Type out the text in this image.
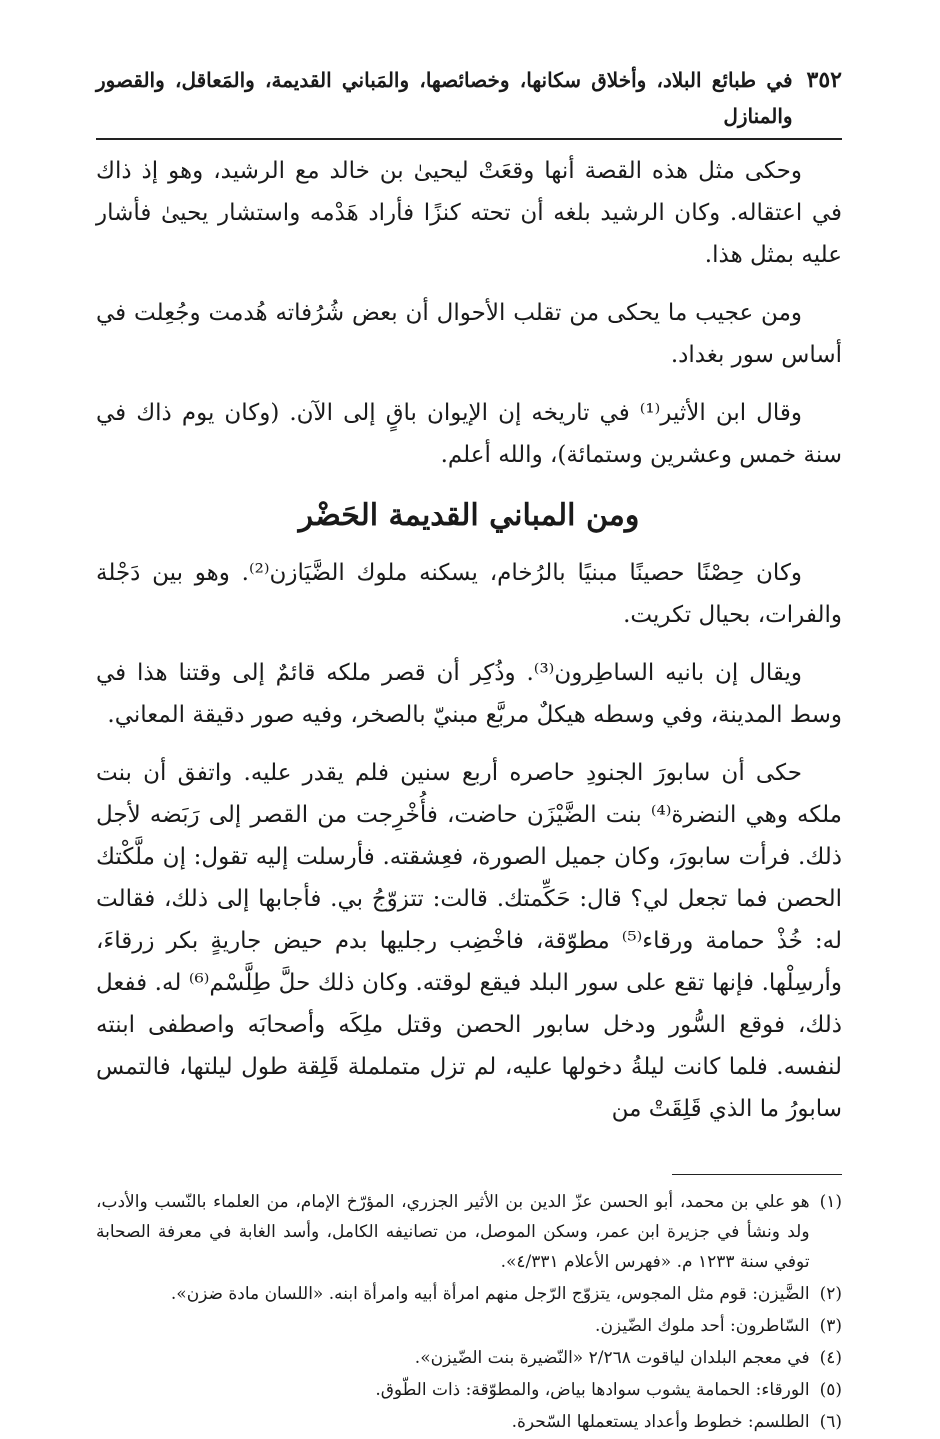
٣٥٢
في طبائع البلاد، وأخلاق سكانها، وخصائصها، والمَباني القديمة، والمَعاقل، والقصور والمنازل

وحكى مثل هذه القصة أنها وقعَتْ ليحيىٰ بن خالد مع الرشيد، وهو إذ ذاك في اعتقاله. وكان الرشيد بلغه أن تحته كنزًا فأراد هَدْمه واستشار يحيىٰ فأشار عليه بمثل هذا.

ومن عجيب ما يحكى من تقلب الأحوال أن بعض شُرُفاته هُدمت وجُعِلت في أساس سور بغداد.

وقال ابن الأثير⁽¹⁾ في تاريخه إن الإيوان باقٍ إلى الآن. (وكان يوم ذاك في سنة خمس وعشرين وستمائة)، والله أعلم.

ومن المباني القديمة الحَضْر

وكان حِصْنًا حصينًا مبنيًا بالرُخام، يسكنه ملوك الضَّيَازن⁽²⁾. وهو بين دَجْلة والفرات، بحيال تكريت.

ويقال إن بانيه الساطِرون⁽³⁾. وذُكِر أن قصر ملكه قائمٌ إلى وقتنا هذا في وسط المدينة، وفي وسطه هيكلٌ مربَّع مبنيّ بالصخر، وفيه صور دقيقة المعاني.

حكى أن سابورَ الجنودِ حاصره أربع سنين فلم يقدر عليه. واتفق أن بنت ملكه وهي النضرة⁽⁴⁾ بنت الضَّيْزَن حاضت، فأُخْرِجت من القصر إلى رَبَضه لأجل ذلك. فرأت سابورَ، وكان جميل الصورة، فعِشقته. فأرسلت إليه تقول: إن ملَّكْتك الحصن فما تجعل لي؟ قال: حَكِّمتك. قالت: تتزوّجُ بي. فأجابها إلى ذلك، فقالت له: خُذْ حمامة ورقاء⁽⁵⁾ مطوّقة، فاخْضِب رجليها بدم حيض جاريةٍ بكر زرقاءَ، وأرسِلْها. فإنها تقع على سور البلد فيقع لوقته. وكان ذلك حلَّ طِلَّسْم⁽⁶⁾ له. ففعل ذلك، فوقع السُّور ودخل سابور الحصن وقتل ملِكَه وأصحابَه واصطفى ابنته لنفسه. فلما كانت ليلةُ دخولها عليه، لم تزل متململة قَلِقة طول ليلتها، فالتمس سابورُ ما الذي قَلِقَتْ من

(١)
هو علي بن محمد، أبو الحسن عزّ الدين بن الأثير الجزري، المؤرّخ الإمام، من العلماء بالنّسب والأدب، ولد ونشأ في جزيرة ابن عمر، وسكن الموصل، من تصانيفه الكامل، وأسد الغابة في معرفة الصحابة توفي سنة ١٢٣٣ م. «فهرس الأعلام ٤/٣٣١».
(٢)
الضَّيزن: قوم مثل المجوس، يتزوّج الرّجل منهم امرأة أبيه وامرأة ابنه. «اللسان مادة ضزن».
(٣)
السّاطرون: أحد ملوك الضّيزن.
(٤)
في معجم البلدان لياقوت ٢/٢٦٨ «النّضيرة بنت الضّيزن».
(٥)
الورقاء: الحمامة يشوب سوادها بياض، والمطوّقة: ذات الطّوق.
(٦)
الطلسم: خطوط وأعداد يستعملها السّحرة.
